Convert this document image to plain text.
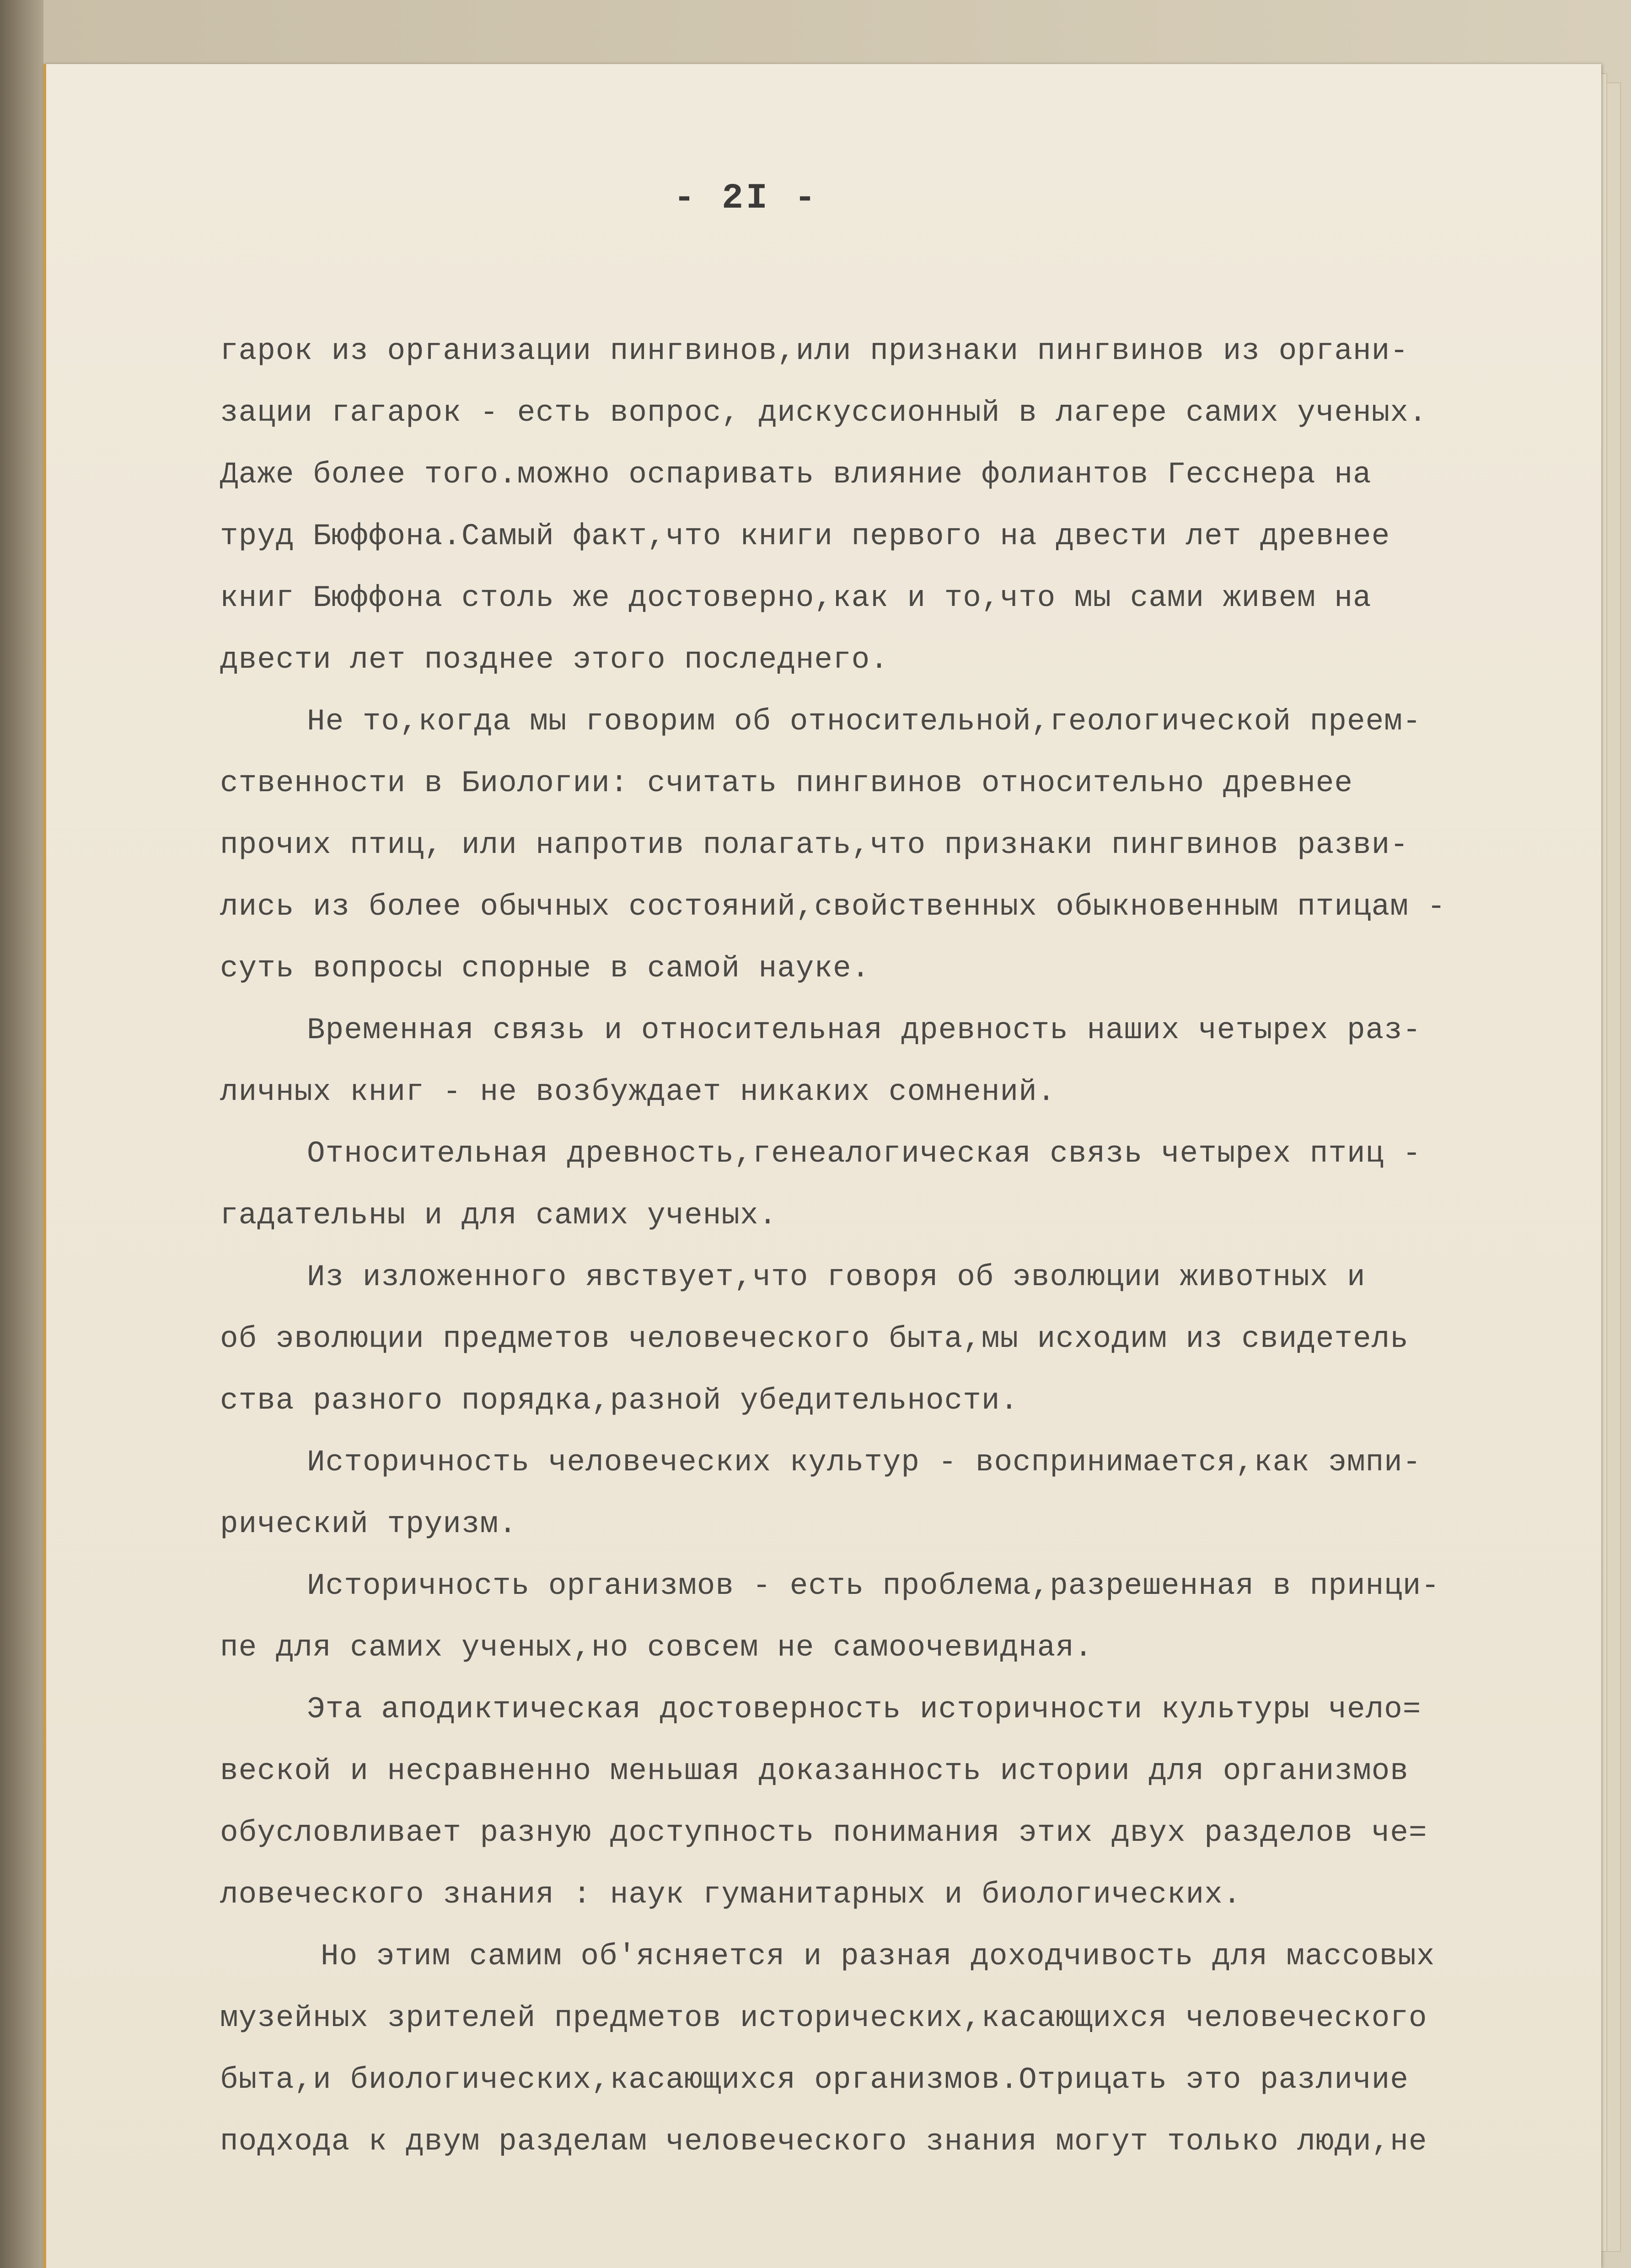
- 2I -
гарок из организации пингвинов,или признаки пингвинов из органи-
зации гагарок - есть вопрос, дискуссионный в лагере самих ученых.
Даже более того.можно оспаривать влияние фолиантов Гесснера на
труд Бюффона.Самый факт,что книги первого на двести лет древнее
книг Бюффона столь же достоверно,как и то,что мы сами живем на
двести лет позднее этого последнего.
Не то,когда мы говорим об относительной,геологической преем-
ственности в Биологии: считать пингвинов относительно древнее
прочих птиц, или напротив полагать,что признаки пингвинов разви-
лись из более обычных состояний,свойственных обыкновенным птицам -
суть вопросы спорные в самой науке.
Временная связь и относительная древность наших четырех раз-
личных книг - не возбуждает никаких сомнений.
Относительная древность,генеалогическая связь четырех птиц -
гадательны и для самих ученых.
Из изложенного явствует,что говоря об эволюции животных и
об эволюции предметов человеческого быта,мы исходим из свидетель
ства разного порядка,разной убедительности.
Историчность человеческих культур - воспринимается,как эмпи-
рический труизм.
Историчность организмов - есть проблема,разрешенная в принци-
пе для самих ученых,но совсем не самоочевидная.
Эта аподиктическая достоверность историчности культуры чело=
веской и несравненно меньшая доказанность истории для организмов
обусловливает разную доступность понимания этих двух разделов че=
ловеческого знания : наук гуманитарных и биологических.
Но этим самим об'ясняется и разная доходчивость для массовых
музейных зрителей предметов исторических,касающихся человеческого
быта,и биологических,касающихся организмов.Отрицать это различие
подхода к двум разделам человеческого знания могут только люди,не
